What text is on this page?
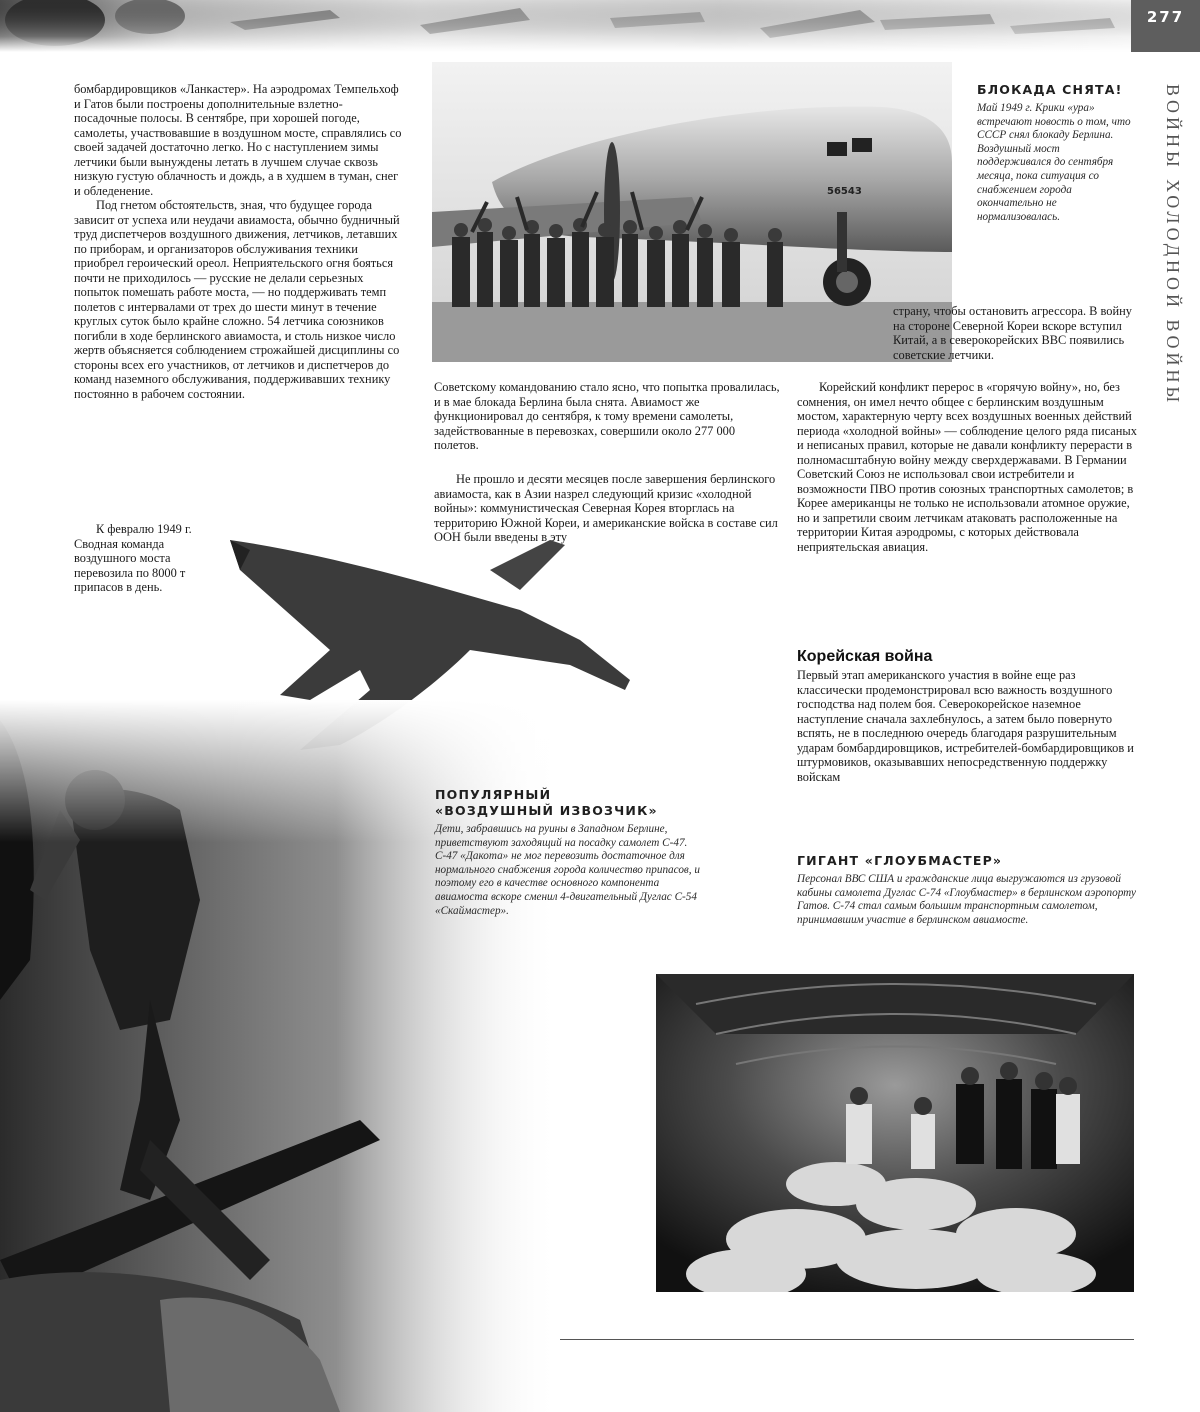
277
ВОЙНЫ ХОЛОДНОЙ ВОЙНЫ

бомбардировщиков «Ланкастер». На аэродромах Темпельхоф и Гатов были построены дополнительные взлетно-посадочные полосы. В сентябре, при хорошей погоде, самолеты, участвовавшие в воздушном мосте, справлялись со своей задачей достаточно легко. Но с наступлением зимы летчики были вынуждены летать в лучшем случае сквозь низкую густую облачность и дождь, а в худшем в туман, снег и обледенение.

Под гнетом обстоятельств, зная, что будущее города зависит от успеха или неудачи авиамоста, обычно будничный труд диспетчеров воздушного движения, летчиков, летавших по приборам, и организаторов обслуживания техники приобрел героический ореол. Неприятельского огня бояться почти не приходилось — русские не делали серьезных попыток помешать работе моста, — но поддерживать темп полетов с интервалами от трех до шести минут в течение круглых суток было крайне сложно. 54 летчика союзников погибли в ходе берлинского авиамоста, и столь низкое число жертв объясняется соблюдением строжайшей дисциплины со стороны всех его участников, от летчиков и диспетчеров до команд наземного обслуживания, поддерживавших технику постоянно в рабочем состоянии.

К февралю 1949 г. Сводная команда воздушного моста перевозила по 8000 т припасов в день.

56543

БЛОКАДА СНЯТА!

Май 1949 г. Крики «ура» встречают новость о том, что СССР снял блокаду Берлина. Воздушный мост поддерживался до сентября месяца, пока ситуация со снабжением города окончательно не нормализовалась.

Советскому командованию стало ясно, что попытка провалилась, и в мае блокада Берлина была снята. Авиамост же функционировал до сентября, к тому времени самолеты, задействованные в перевозках, совершили около 277 000 полетов.

Не прошло и десяти месяцев после завершения берлинского авиамоста, как в Азии назрел следующий кризис «холодной войны»: коммунистическая Северная Корея вторглась на территорию Южной Кореи, и американские войска в составе сил ООН были введены в эту

страну, чтобы остановить агрессора. В войну на стороне Северной Кореи вскоре вступил Китай, а в северокорейских ВВС появились советские летчики.

Корейский конфликт перерос в «горячую войну», но, без сомнения, он имел нечто общее с берлинским воздушным мостом, характерную черту всех воздушных военных действий периода «холодной войны» — соблюдение целого ряда писаных и неписаных правил, которые не давали конфликту перерасти в полномасштабную войну между сверхдержавами. В Германии Советский Союз не использовал свои истребители и возможности ПВО против союзных транспортных самолетов; в Корее американцы не только не использовали атомное оружие, но и запретили своим летчикам атаковать расположенные на территории Китая аэродромы, с которых действовала неприятельская авиация.

Корейская война

Первый этап американского участия в войне еще раз классически продемонстрировал всю важность воздушного господства над полем боя. Северокорейское наземное наступление сначала захлебнулось, а затем было повернуто вспять, не в последнюю очередь благодаря разрушительным ударам бомбардировщиков, истребителей-бомбардировщиков и штурмовиков, оказывавших непосредственную поддержку войскам

ПОПУЛЯРНЫЙ

«ВОЗДУШНЫЙ ИЗВОЗЧИК»

Дети, забравшись на руины в Западном Берлине, приветствуют заходящий на посадку самолет С-47. С-47 «Дакота» не мог перевозить достаточное для нормального снабжения города количество припасов, и поэтому его в качестве основного компонента авиамоста вскоре сменил 4-двигательный Дуглас С-54 «Скаймастер».

ГИГАНТ «ГЛОУБМАСТЕР»

Персонал ВВС США и гражданские лица выгружаются из грузовой кабины самолета Дуглас С-74 «Глоубмастер» в берлинском аэропорту Гатов. С-74 стал самым большим транспортным самолетом, принимавшим участие в берлинском авиамосте.
